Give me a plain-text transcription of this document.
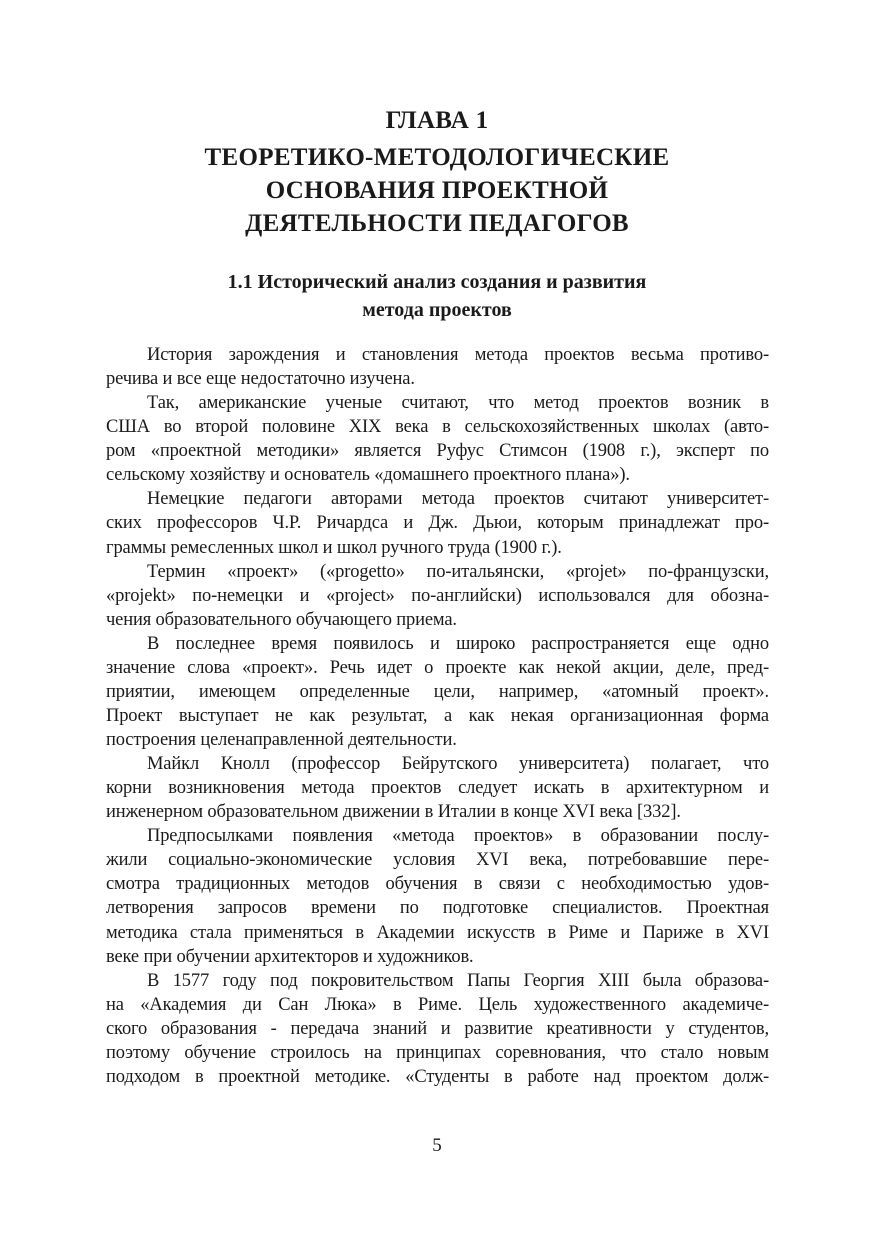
ГЛАВА 1
ТЕОРЕТИКО-МЕТОДОЛОГИЧЕСКИЕ
ОСНОВАНИЯ ПРОЕКТНОЙ
ДЕЯТЕЛЬНОСТИ ПЕДАГОГОВ
1.1 Исторический анализ создания и развития
метода проектов
История зарождения и становления метода проектов весьма противо-
речива и все еще недостаточно изучена.
Так, американские ученые считают, что метод проектов возник в
США во второй половине XIX века в сельскохозяйственных школах (авто-
ром «проектной методики» является Руфус Стимсон (1908 г.), эксперт по
сельскому хозяйству и основатель «домашнего проектного плана»).
Немецкие педагоги авторами метода проектов считают университет-
ских профессоров Ч.Р. Ричардса и Дж. Дьюи, которым принадлежат про-
граммы ремесленных школ и школ ручного труда (1900 г.).
Термин «проект» («progetto» по-итальянски, «projet» по-французски,
«projekt» по-немецки и «project» по-английски) использовался для обозна-
чения образовательного обучающего приема.
В последнее время появилось и широко распространяется еще одно
значение слова «проект». Речь идет о проекте как некой акции, деле, пред-
приятии, имеющем определенные цели, например, «атомный проект».
Проект выступает не как результат, а как некая организационная форма
построения целенаправленной деятельности.
Майкл Кнолл (профессор Бейрутского университета) полагает, что
корни возникновения метода проектов следует искать в архитектурном и
инженерном образовательном движении в Италии в конце XVI века [332].
Предпосылками появления «метода проектов» в образовании послу-
жили социально-экономические условия XVI века, потребовавшие пере-
смотра традиционных методов обучения в связи с необходимостью удов-
летворения запросов времени по подготовке специалистов. Проектная
методика стала применяться в Академии искусств в Риме и Париже в XVI
веке при обучении архитекторов и художников.
В 1577 году под покровительством Папы Георгия XIII была образова-
на «Академия ди Сан Люка» в Риме. Цель художественного академиче-
ского образования - передача знаний и развитие креативности у студентов,
поэтому обучение строилось на принципах соревнования, что стало новым
подходом в проектной методике. «Студенты в работе над проектом долж-
5
